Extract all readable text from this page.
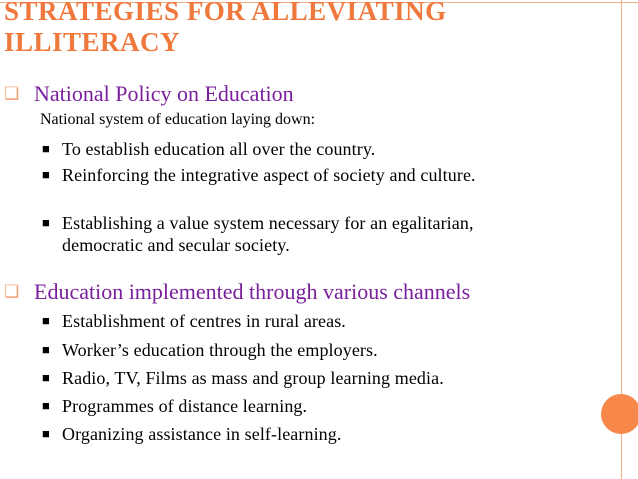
STRATEGIES FOR ALLEVIATING ILLITERACY
❏ National Policy on Education
National system of education laying down:
■ To establish education all over the country.
■ Reinforcing the integrative aspect of society and culture.
■ Establishing a value system necessary for an egalitarian, democratic and secular society.
❏ Education implemented through various channels
■ Establishment of centres in rural areas.
■ Worker’s education through the employers.
■ Radio, TV, Films as mass and group learning media.
■ Programmes of distance learning.
■ Organizing assistance in self-learning.
